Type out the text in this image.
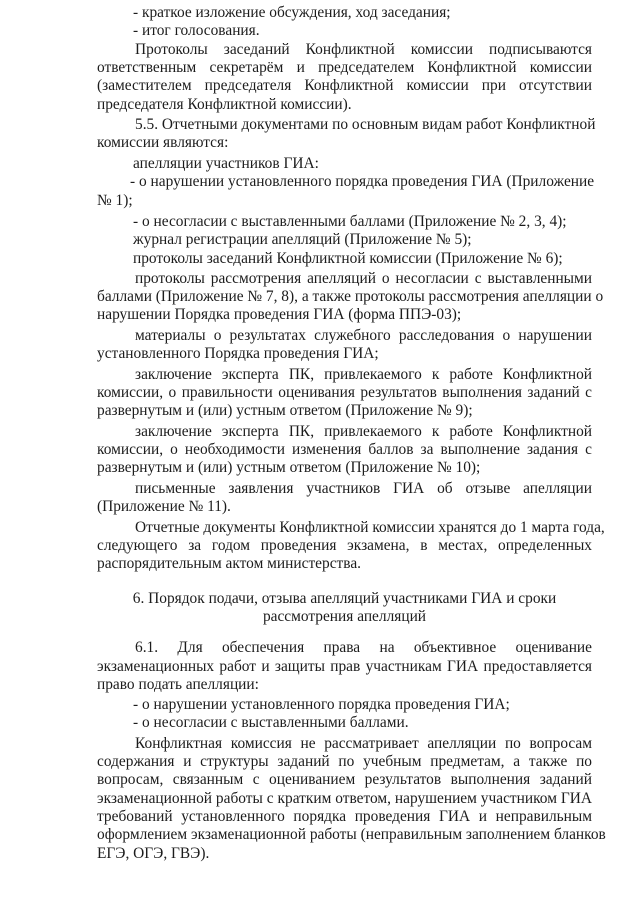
- краткое изложение обсуждения, ход заседания;

- итог голосования.

Протоколы заседаний Конфликтной комиссии подписываются

ответственным секретарём и председателем Конфликтной комиссии

(заместителем председателя Конфликтной комиссии при отсутствии

председателя Конфликтной комиссии).

5.5. Отчетными документами по основным видам работ Конфликтной

комиссии являются:

апелляции участников ГИА:

- о нарушении установленного порядка проведения ГИА (Приложение

№ 1);

- о несогласии с выставленными баллами (Приложение № 2, 3, 4);

журнал регистрации апелляций (Приложение № 5);

протоколы заседаний Конфликтной комиссии (Приложение № 6);

протоколы рассмотрения апелляций о несогласии с выставленными

баллами (Приложение № 7, 8), а также протоколы рассмотрения апелляции о

нарушении Порядка проведения ГИА (форма ППЭ-03);

материалы о результатах служебного расследования о нарушении

установленного Порядка проведения ГИА;

заключение эксперта ПК, привлекаемого к работе Конфликтной

комиссии, о правильности оценивания результатов выполнения заданий с

развернутым и (или) устным ответом (Приложение № 9);

заключение эксперта ПК, привлекаемого к работе Конфликтной

комиссии, о необходимости изменения баллов за выполнение задания с

развернутым и (или) устным ответом (Приложение № 10);

письменные заявления участников ГИА об отзыве апелляции

(Приложение № 11).

Отчетные документы Конфликтной комиссии хранятся до 1 марта года,

следующего за годом проведения экзамена, в местах, определенных

распорядительным актом министерства.

6. Порядок подачи, отзыва апелляций участниками ГИА и сроки

рассмотрения апелляций

6.1. Для обеспечения права на объективное оценивание

экзаменационных работ и защиты прав участникам ГИА предоставляется

право подать апелляции:

- о нарушении установленного порядка проведения ГИА;

- о несогласии с выставленными баллами.

Конфликтная комиссия не рассматривает апелляции по вопросам

содержания и структуры заданий по учебным предметам, а также по

вопросам, связанным с оцениванием результатов выполнения заданий

экзаменационной работы с кратким ответом, нарушением участником ГИА

требований установленного порядка проведения ГИА и неправильным

оформлением экзаменационной работы (неправильным заполнением бланков

ЕГЭ, ОГЭ, ГВЭ).
